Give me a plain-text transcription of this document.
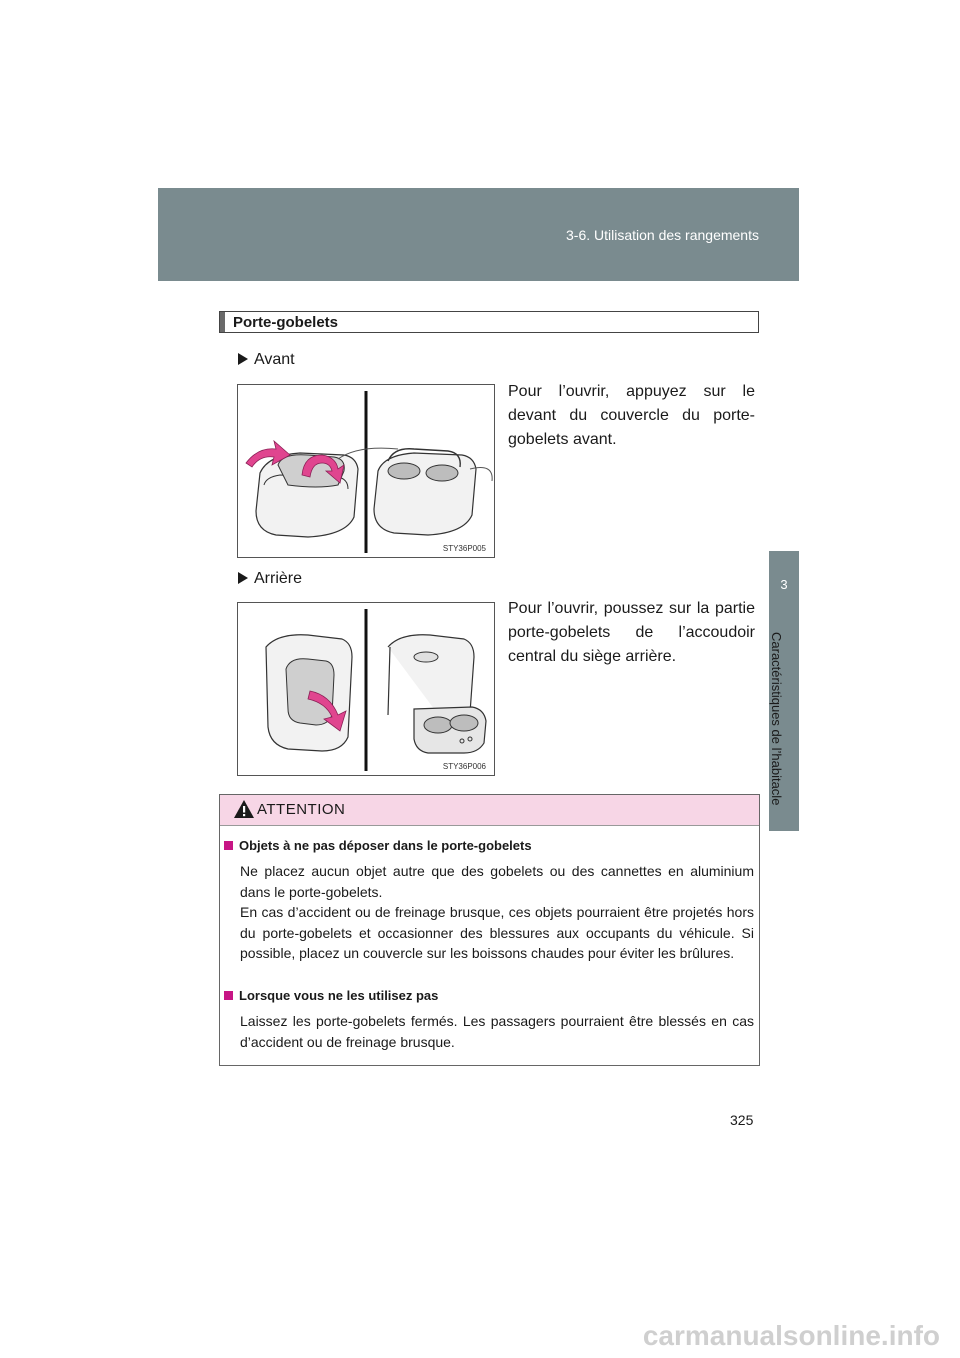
3-6. Utilisation des rangements
3
Caractéristiques de l’habitacle
Porte-gobelets
Avant
STY36P005
Pour l’ouvrir, appuyez sur le devant du couvercle du porte-gobelets avant.
Arrière
STY36P006
Pour l’ouvrir, poussez sur la partie porte-gobelets de l’accoudoir central du siège arrière.
ATTENTION
Objets à ne pas déposer dans le porte-gobelets
Ne placez aucun objet autre que des gobelets ou des cannettes en aluminium dans le porte-gobelets.
En cas d’accident ou de freinage brusque, ces objets pourraient être projetés hors du porte-gobelets et occasionner des blessures aux occupants du véhicule. Si possible, placez un couvercle sur les boissons chaudes pour éviter les brûlures.
Lorsque vous ne les utilisez pas
Laissez les porte-gobelets fermés. Les passagers pourraient être blessés en cas d’accident ou de freinage brusque.
325
carmanualsonline.info
